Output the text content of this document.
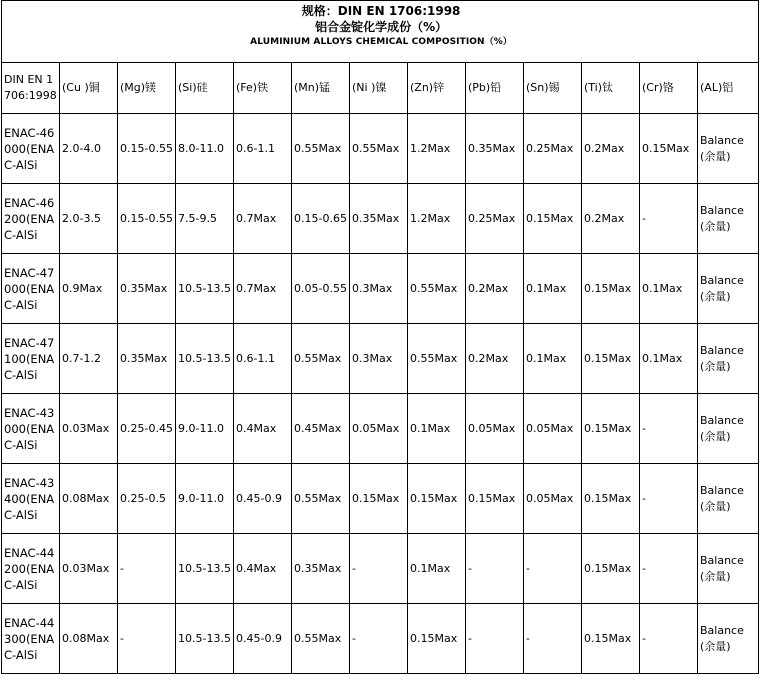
规格：DIN EN 1706:1998
铝合金锭化学成份（%）
ALUMINIUM ALLOYS CHEMICAL COMPOSITION（%）												

DIN EN 1706:1998	(Cu )铜	(Mg)镁	(Si)硅	(Fe)铁	(Mn)锰	(Ni )镍	(Zn)锌	(Pb)铅	(Sn)锡	(Ti)钛	(Cr)铬	(AL)铝
ENAC-46000(ENAC-AlSi	2.0-4.0	0.15-0.55	8.0-11.0	0.6-1.1	0.55Max	0.55Max	1.2Max	0.35Max	0.25Max	0.2Max	0.15Max	Balance(余量)
ENAC-46200(ENAC-AlSi	2.0-3.5	0.15-0.55	7.5-9.5	0.7Max	0.15-0.65	0.35Max	1.2Max	0.25Max	0.15Max	0.2Max	-	Balance(余量)
ENAC-47000(ENAC-AlSi	0.9Max	0.35Max	10.5-13.5	0.7Max	0.05-0.55	0.3Max	0.55Max	0.2Max	0.1Max	0.15Max	0.1Max	Balance(余量)
ENAC-47100(ENAC-AlSi	0.7-1.2	0.35Max	10.5-13.5	0.6-1.1	0.55Max	0.3Max	0.55Max	0.2Max	0.1Max	0.15Max	0.1Max	Balance(余量)
ENAC-43000(ENAC-AlSi	0.03Max	0.25-0.45	9.0-11.0	0.4Max	0.45Max	0.05Max	0.1Max	0.05Max	0.05Max	0.15Max	-	Balance(余量)
ENAC-43400(ENAC-AlSi	0.08Max	0.25-0.5	9.0-11.0	0.45-0.9	0.55Max	0.15Max	0.15Max	0.15Max	0.05Max	0.15Max	-	Balance(余量)
ENAC-44200(ENAC-AlSi	0.03Max	-	10.5-13.5	0.4Max	0.35Max	-	0.1Max	-	-	0.15Max	-	Balance(余量)
ENAC-44300(ENAC-AlSi	0.08Max	-	10.5-13.5	0.45-0.9	0.55Max	-	0.15Max	-	-	0.15Max	-	Balance(余量)
